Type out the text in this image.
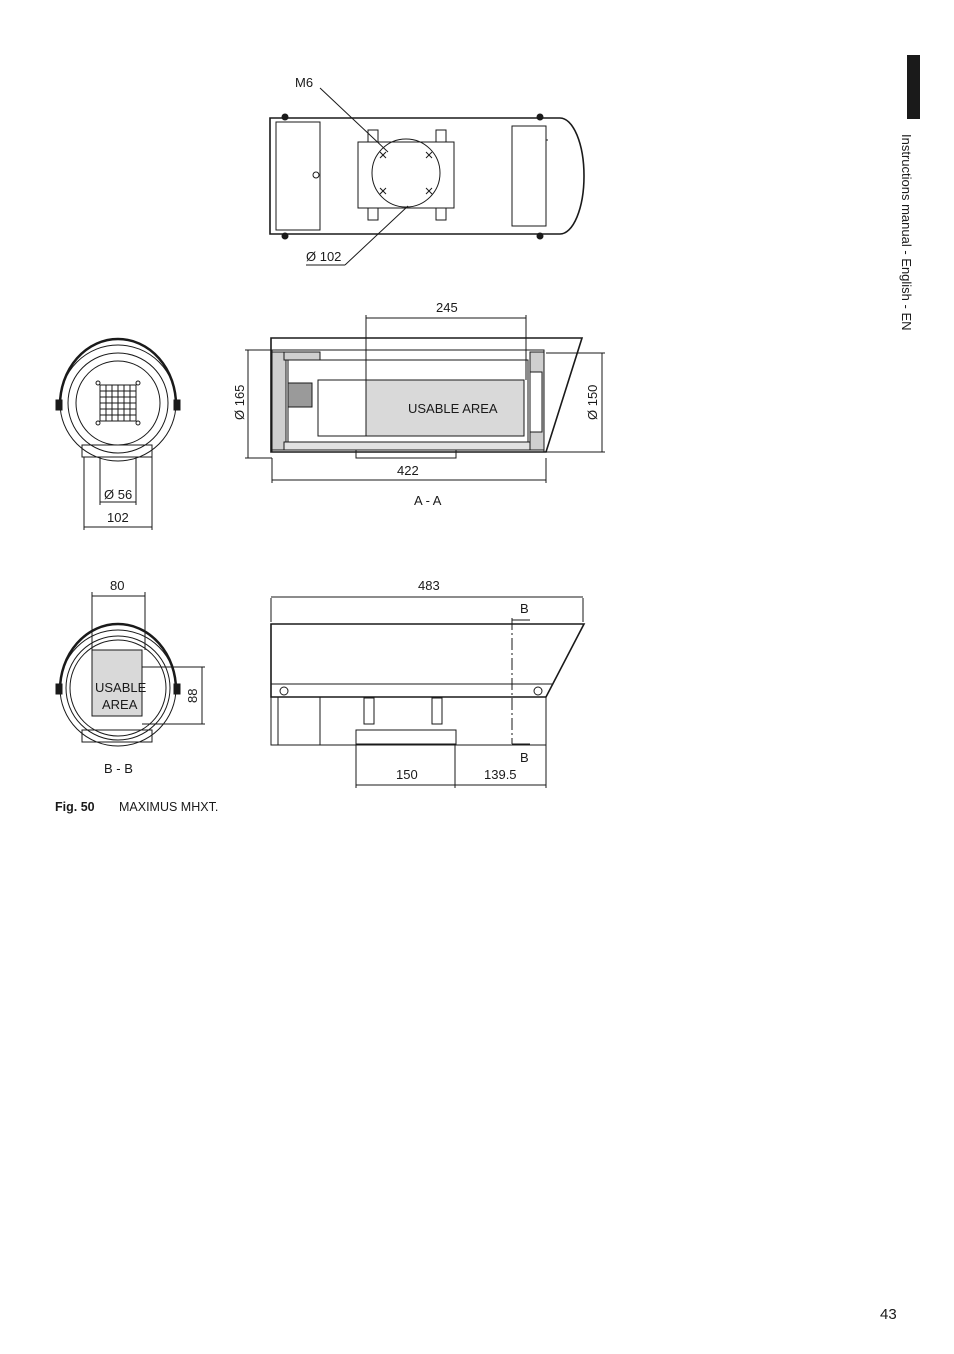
Instructions manual - English - EN
M6
Ø 102
245
Ø 165	Ø 150
422
A - A
USABLE AREA
Ø 56
102
80
USABLE
AREA
88
B - B
483
B
B
150	139.5
Fig. 50 MAXIMUS MHXT.
43
